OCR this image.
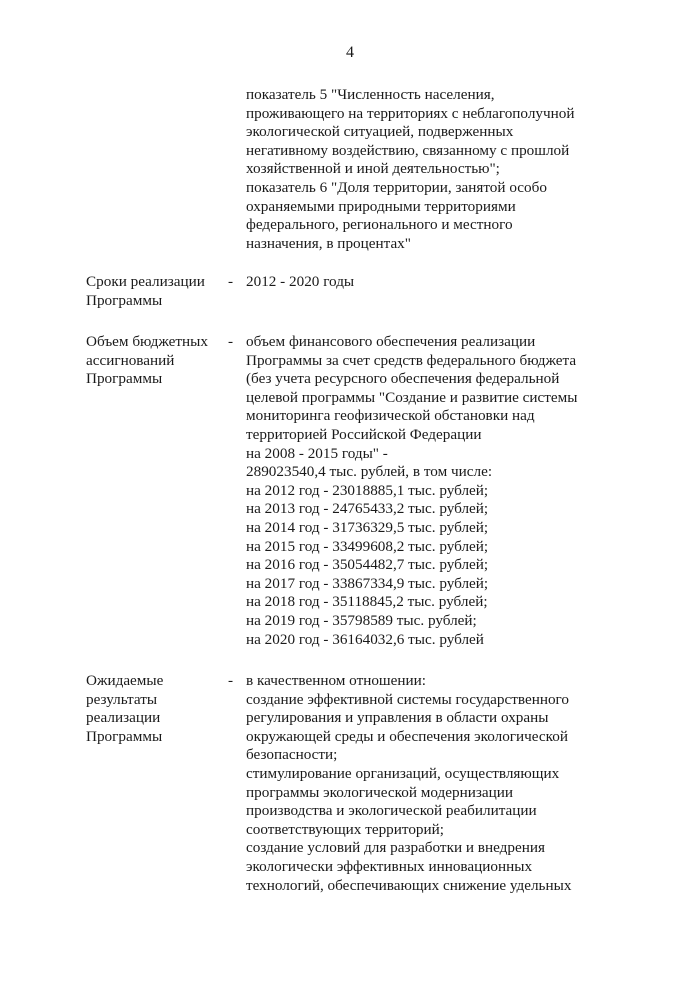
4
показатель 5 "Численность населения,
проживающего на территориях с неблагополучной
экологической ситуацией, подверженных
негативному воздействию, связанному с прошлой
хозяйственной и иной деятельностью";
показатель 6 "Доля территории, занятой особо
охраняемыми природными территориями
федерального, регионального и местного
назначения, в процентах"
Сроки реализации
Программы
- 2012 - 2020 годы
Объем бюджетных
ассигнований
Программы
- объем финансового обеспечения реализации
Программы за счет средств федерального бюджета
(без учета ресурсного обеспечения федеральной
целевой программы "Создание и развитие системы
мониторинга геофизической обстановки над
территорией Российской Федерации
на 2008 - 2015 годы" -
289023540,4 тыс. рублей, в том числе:
на 2012 год - 23018885,1 тыс. рублей;
на 2013 год - 24765433,2 тыс. рублей;
на 2014 год - 31736329,5 тыс. рублей;
на 2015 год - 33499608,2 тыс. рублей;
на 2016 год - 35054482,7 тыс. рублей;
на 2017 год - 33867334,9 тыс. рублей;
на 2018 год - 35118845,2 тыс. рублей;
на 2019 год - 35798589 тыс. рублей;
на 2020 год - 36164032,6 тыс. рублей
Ожидаемые
результаты
реализации
Программы
- в качественном отношении:
создание эффективной системы государственного
регулирования и управления в области охраны
окружающей среды и обеспечения экологической
безопасности;
стимулирование организаций, осуществляющих
программы экологической модернизации
производства и экологической реабилитации
соответствующих территорий;
создание условий для разработки и внедрения
экологически эффективных инновационных
технологий, обеспечивающих снижение удельных
